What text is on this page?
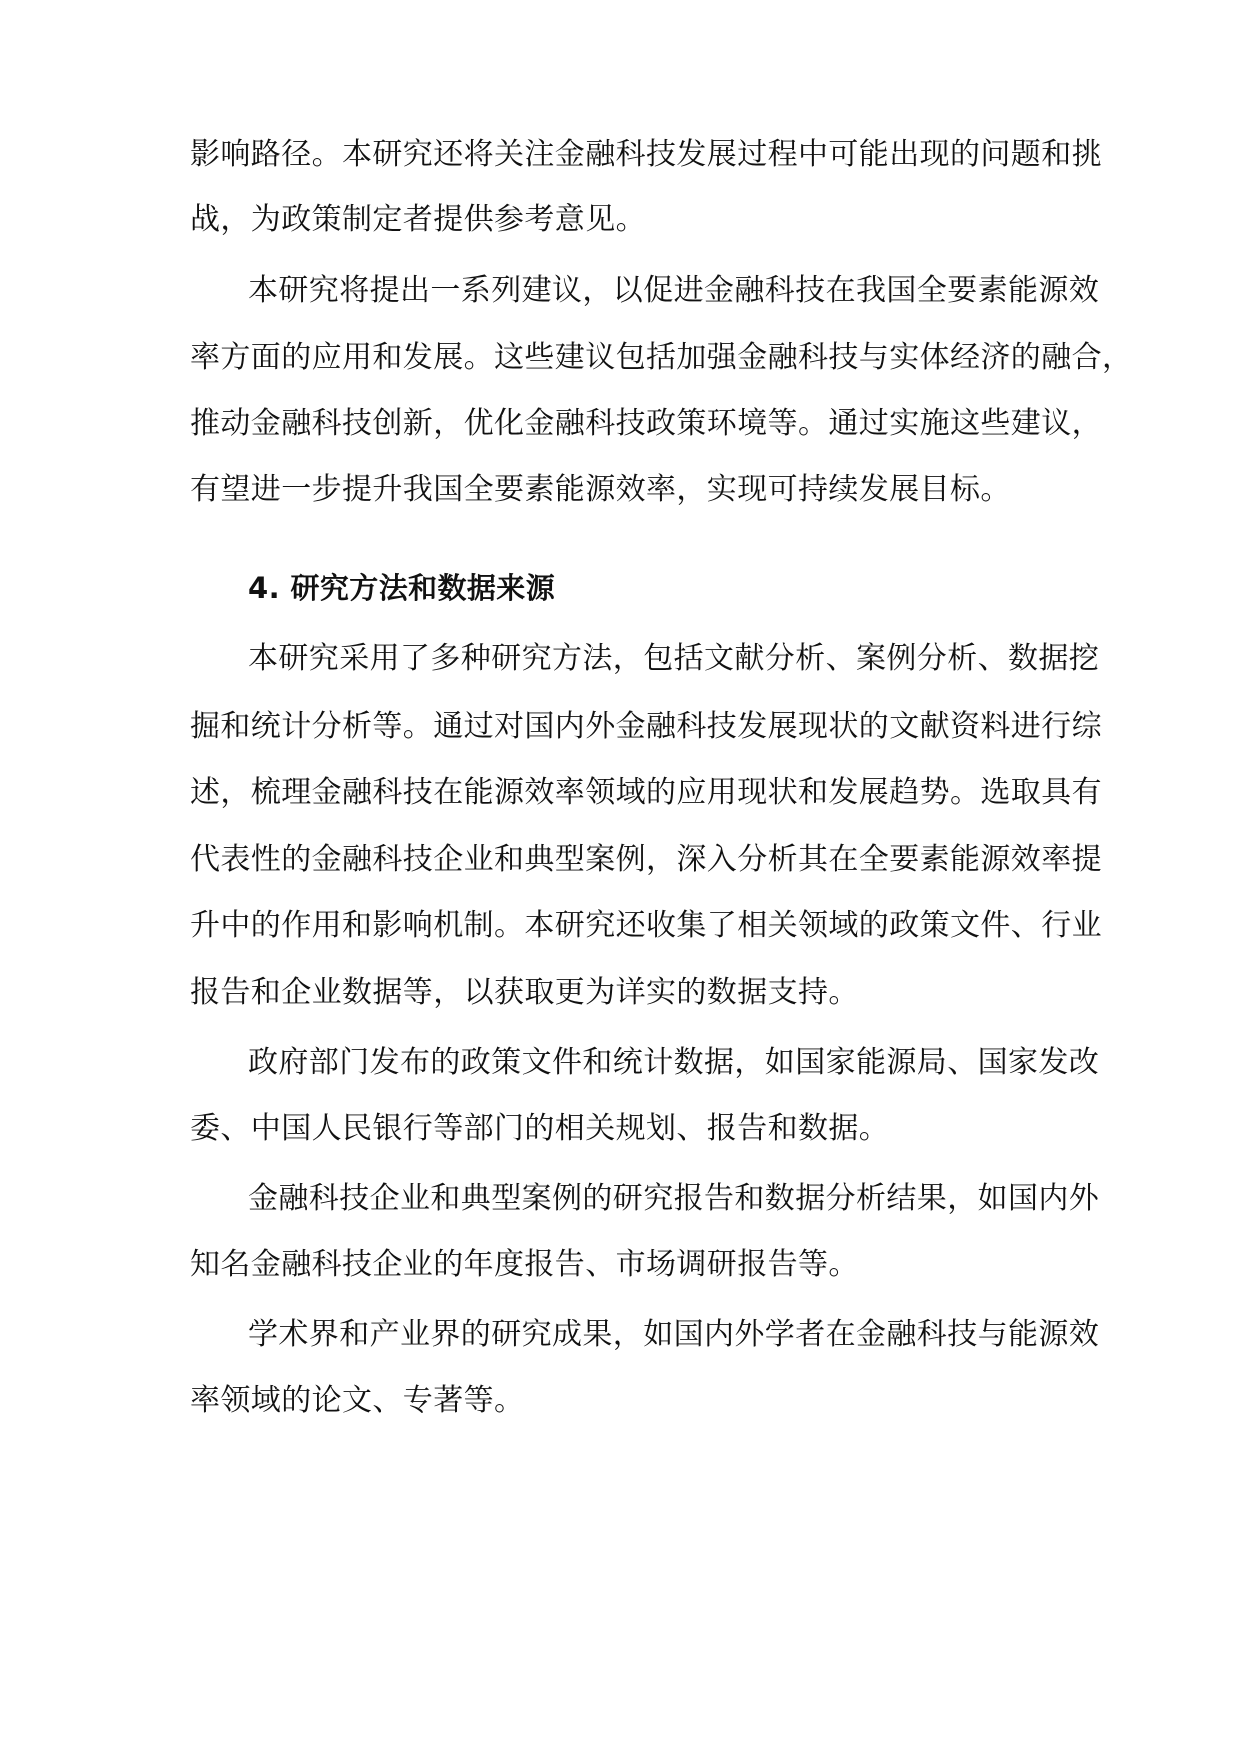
影响路径。本研究还将关注金融科技发展过程中可能出现的问题和挑
战，为政策制定者提供参考意见。
本研究将提出一系列建议，以促进金融科技在我国全要素能源效
率方面的应用和发展。这些建议包括加强金融科技与实体经济的融合，
推动金融科技创新，优化金融科技政策环境等。通过实施这些建议，
有望进一步提升我国全要素能源效率，实现可持续发展目标。
4. 研究方法和数据来源
本研究采用了多种研究方法，包括文献分析、案例分析、数据挖
掘和统计分析等。通过对国内外金融科技发展现状的文献资料进行综
述，梳理金融科技在能源效率领域的应用现状和发展趋势。选取具有
代表性的金融科技企业和典型案例，深入分析其在全要素能源效率提
升中的作用和影响机制。本研究还收集了相关领域的政策文件、行业
报告和企业数据等，以获取更为详实的数据支持。
政府部门发布的政策文件和统计数据，如国家能源局、国家发改
委、中国人民银行等部门的相关规划、报告和数据。
金融科技企业和典型案例的研究报告和数据分析结果，如国内外
知名金融科技企业的年度报告、市场调研报告等。
学术界和产业界的研究成果，如国内外学者在金融科技与能源效
率领域的论文、专著等。
